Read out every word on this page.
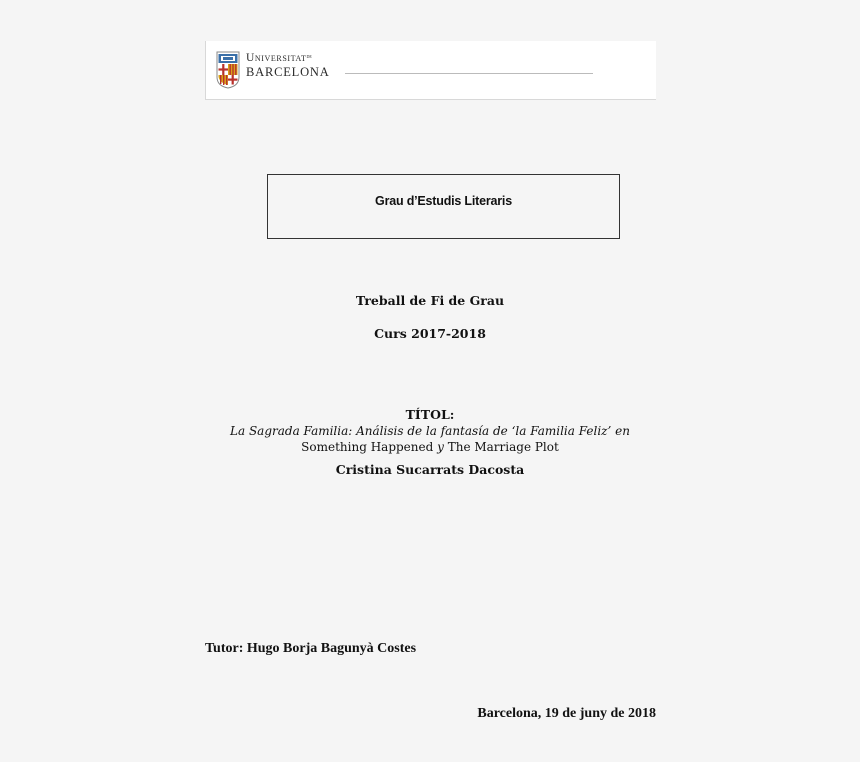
Universitat$^{de}$
BARCELONA
Grau d’Estudis Literaris
Treball de Fi de Grau
Curs 2017-2018
TÍTOL:
La Sagrada Familia: Análisis de la fantasía de ‘la Familia Feliz’ en
Something Happened y The Marriage Plot
Cristina Sucarrats Dacosta
Tutor: Hugo Borja Bagunyà Costes
Barcelona, 19 de juny de 2018
